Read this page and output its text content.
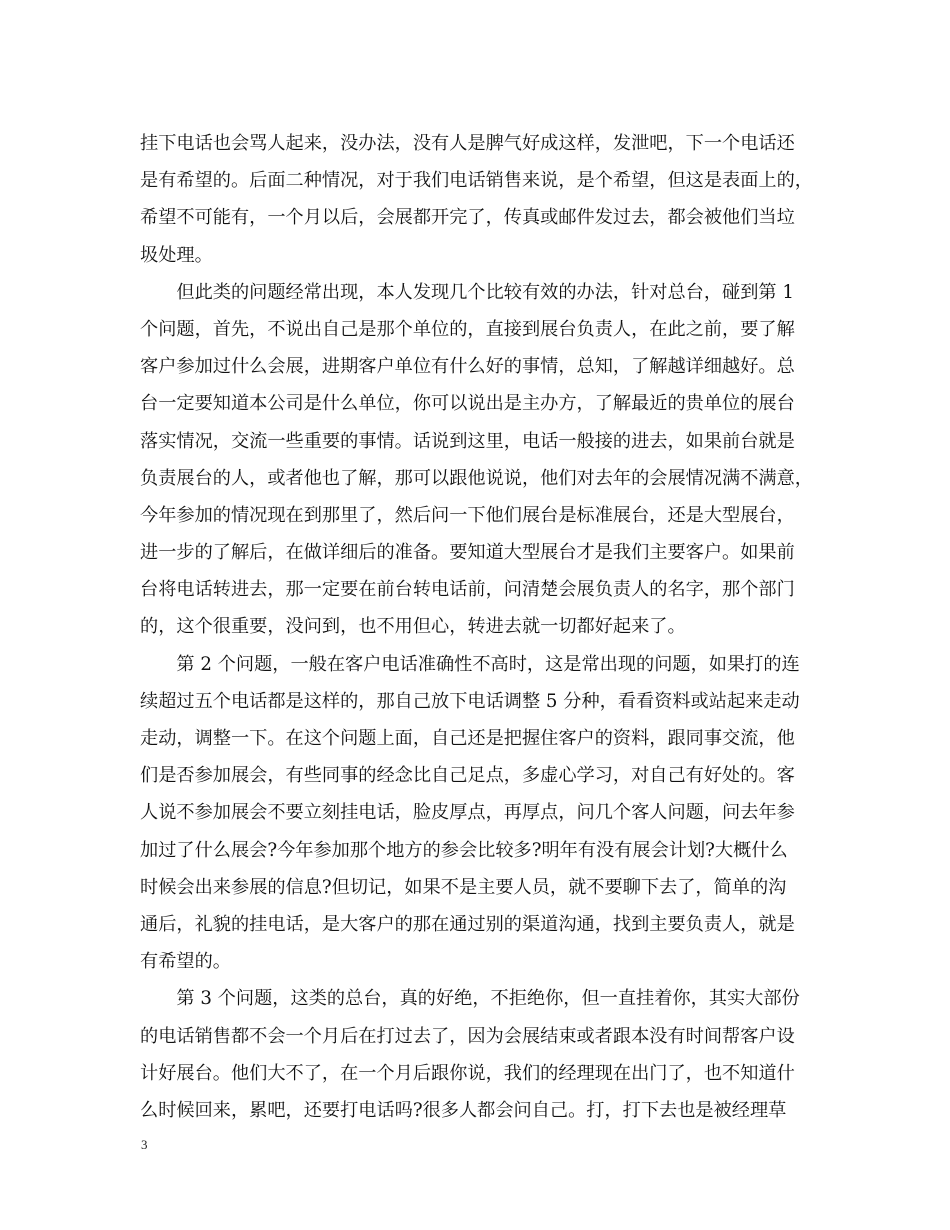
挂下电话也会骂人起来，没办法，没有人是脾气好成这样，发泄吧，下一个电话还
是有希望的。后面二种情况，对于我们电话销售来说，是个希望，但这是表面上的，
希望不可能有，一个月以后，会展都开完了，传真或邮件发过去，都会被他们当垃
圾处理。
　　但此类的问题经常出现，本人发现几个比较有效的办法，针对总台，碰到第 1
个问题，首先，不说出自己是那个单位的，直接到展台负责人，在此之前，要了解
客户参加过什么会展，进期客户单位有什么好的事情，总知，了解越详细越好。总
台一定要知道本公司是什么单位，你可以说出是主办方，了解最近的贵单位的展台
落实情况，交流一些重要的事情。话说到这里，电话一般接的进去，如果前台就是
负责展台的人，或者他也了解，那可以跟他说说，他们对去年的会展情况满不满意，
今年参加的情况现在到那里了，然后问一下他们展台是标准展台，还是大型展台，
进一步的了解后，在做详细后的准备。要知道大型展台才是我们主要客户。如果前
台将电话转进去，那一定要在前台转电话前，问清楚会展负责人的名字，那个部门
的，这个很重要，没问到，也不用但心，转进去就一切都好起来了。
　　第 2 个问题，一般在客户电话准确性不高时，这是常出现的问题，如果打的连
续超过五个电话都是这样的，那自己放下电话调整 5 分种，看看资料或站起来走动
走动，调整一下。在这个问题上面，自己还是把握住客户的资料，跟同事交流，他
们是否参加展会，有些同事的经念比自己足点，多虚心学习，对自己有好处的。客
人说不参加展会不要立刻挂电话，脸皮厚点，再厚点，问几个客人问题，问去年参
加过了什么展会?今年参加那个地方的参会比较多?明年有没有展会计划?大概什么
时候会出来参展的信息?但切记，如果不是主要人员，就不要聊下去了，简单的沟
通后，礼貌的挂电话，是大客户的那在通过别的渠道沟通，找到主要负责人，就是
有希望的。
　　第 3 个问题，这类的总台，真的好绝，不拒绝你，但一直挂着你，其实大部份
的电话销售都不会一个月后在打过去了，因为会展结束或者跟本没有时间帮客户设
计好展台。他们大不了，在一个月后跟你说，我们的经理现在出门了，也不知道什
么时候回来，累吧，还要打电话吗?很多人都会问自己。打，打下去也是被经理草
3
